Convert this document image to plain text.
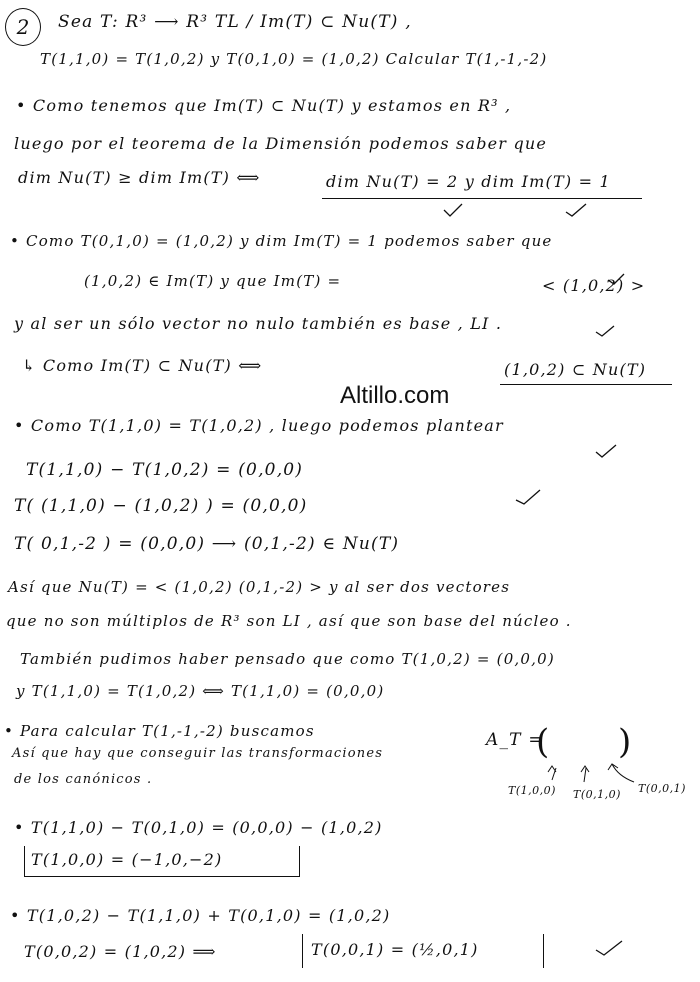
2	Sea T: R³ ⟶ R³ TL / Im(T) ⊂ Nu(T) ,
T(1,1,0) = T(1,0,2) y T(0,1,0) = (1,0,2) Calcular T(1,-1,-2)
• Como tenemos que Im(T) ⊂ Nu(T) y estamos en R³ ,
luego por el teorema de la Dimensión podemos saber que
dim Nu(T) ≥ dim Im(T) ⟺	dim Nu(T) = 2 y dim Im(T) = 1
• Como T(0,1,0) = (1,0,2) y dim Im(T) = 1 podemos saber que
(1,0,2) ∈ Im(T) y que Im(T) =	< (1,0,2) >
y al ser un sólo vector no nulo también es base , LI .
↳ Como Im(T) ⊂ Nu(T) ⟺	(1,0,2) ⊂ Nu(T)
Altillo.com
• Como T(1,1,0) = T(1,0,2) , luego podemos plantear
T(1,1,0) − T(1,0,2) = (0,0,0)
T( (1,1,0) − (1,0,2) ) = (0,0,0)
T( 0,1,-2 ) = (0,0,0) ⟶ (0,1,-2) ∈ Nu(T)
Así que Nu(T) = < (1,0,2) (0,1,-2) > y al ser dos vectores
que no son múltiplos de R³ son LI , así que son base del núcleo .
También pudimos haber pensado que como T(1,0,2) = (0,0,0)
y T(1,1,0) = T(1,0,2) ⟺ T(1,1,0) = (0,0,0)
• Para calcular T(1,-1,-2) buscamos
Así que hay que conseguir las transformaciones
de los canónicos .
A_T =
( )
T(1,0,0) T(0,1,0) T(0,0,1)
• T(1,1,0) − T(0,1,0) = (0,0,0) − (1,0,2)
T(1,0,0) = (−1,0,−2)
• T(1,0,2) − T(1,1,0) + T(0,1,0) = (1,0,2)
T(0,0,2) = (1,0,2) ⟹	T(0,0,1) = (½,0,1)
